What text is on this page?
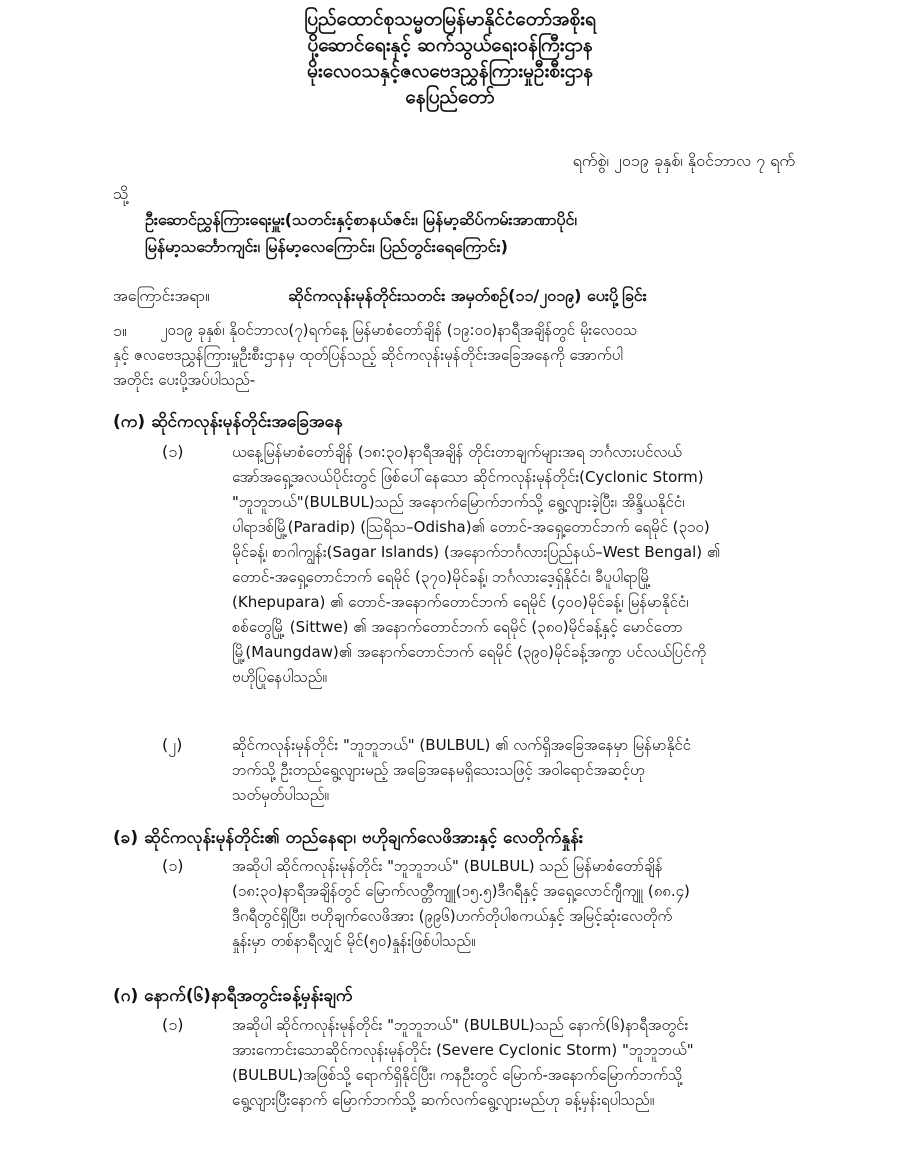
ပြည်ထောင်စုသမ္မတမြန်မာနိုင်ငံတော်အစိုးရ
ပို့ဆောင်ရေးနှင့် ဆက်သွယ်ရေးဝန်ကြီးဌာန
မိုးလေဝသနှင့်ဇလဗေဒညွှန်ကြားမှုဦးစီးဌာန
နေပြည်တော်
ရက်စွဲ၊ ၂၀၁၉ ခုနှစ်၊ နိုဝင်ဘာလ ၇ ရက်
သို့
ဦးဆောင်ညွှန်ကြားရေးမှူး(သတင်းနှင့်စာနယ်ဇင်း၊ မြန်မာ့ဆိပ်ကမ်းအာဏာပိုင်၊
မြန်မာ့သင်္ဘောကျင်း၊ မြန်မာ့လေကြောင်း၊ ပြည်တွင်းရေကြောင်း)
အကြောင်းအရာ။	ဆိုင်ကလုန်းမုန်တိုင်းသတင်း အမှတ်စဉ်(၁၁/၂၀၁၉) ပေးပို့ခြင်း
၁။ ၂၀၁၉ ခုနှစ်၊ နိုဝင်ဘာလ(၇)ရက်နေ့ မြန်မာစံတော်ချိန် (၁၉:၀၀)နာရီအချိန်တွင် မိုးလေဝသ
နှင့် ဇလဗေဒညွှန်ကြားမှုဦးစီးဌာနမှ ထုတ်ပြန်သည့် ဆိုင်ကလုန်းမုန်တိုင်းအခြေအနေကို အောက်ပါ
အတိုင်း ပေးပို့အပ်ပါသည်-
(က) ဆိုင်ကလုန်းမုန်တိုင်းအခြေအနေ
(၁)	ယနေ့မြန်မာစံတော်ချိန် (၁၈:၃၀)နာရီအချိန် တိုင်းတာချက်များအရ ဘင်္ဂလားပင်လယ်
အော်အရှေ့အလယ်ပိုင်းတွင် ဖြစ်ပေါ်နေသော ဆိုင်ကလုန်းမုန်တိုင်း(Cyclonic Storm)
"ဘူဘူဘယ်"(BULBUL)သည် အနောက်မြောက်ဘက်သို့ ရွေ့လျားခဲ့ပြီး၊ အိန္ဒိယနိုင်ငံ၊
ပါရာဒစ်မြို့(Paradip) (သြရိသ–Odisha)၏ တောင်-အရှေ့တောင်ဘက် ရေမိုင် (၃၁၀)
မိုင်ခန့်၊ စာဂါကျွန်း(Sagar Islands) (အနောက်ဘင်္ဂလားပြည်နယ်–West Bengal) ၏
တောင်-အရှေ့တောင်ဘက် ရေမိုင် (၃၇၀)မိုင်ခန့်၊ ဘင်္ဂလားဒေ့ရှ်နိုင်ငံ၊ ခီပူပါရာမြို့
(Khepupara) ၏ တောင်-အနောက်တောင်ဘက် ရေမိုင် (၄၀၀)မိုင်ခန့်၊ မြန်မာနိုင်ငံ၊
စစ်တွေမြို့ (Sittwe) ၏ အနောက်တောင်ဘက် ရေမိုင် (၃၈၀)မိုင်ခန့်နှင့် မောင်တော
မြို့(Maungdaw)၏ အနောက်တောင်ဘက် ရေမိုင် (၃၉၀)မိုင်ခန့်အကွာ ပင်လယ်ပြင်ကို
ဗဟိုပြုနေပါသည်။
(၂)	ဆိုင်ကလုန်းမုန်တိုင်း "ဘူဘူဘယ်" (BULBUL) ၏ လက်ရှိအခြေအနေမှာ မြန်မာနိုင်ငံ
ဘက်သို့ ဦးတည်ရွေ့လျားမည့် အခြေအနေမရှိသေးသဖြင့် အဝါရောင်အဆင့်ဟု
သတ်မှတ်ပါသည်။
(ခ) ဆိုင်ကလုန်းမုန်တိုင်း၏ တည်နေရာ၊ ဗဟိုချက်လေဖိအားနှင့် လေတိုက်နှုန်း
(၁)	အဆိုပါ ဆိုင်ကလုန်းမုန်တိုင်း "ဘူဘူဘယ်" (BULBUL) သည် မြန်မာစံတော်ချိန်
(၁၈:၃၀)နာရီအချိန်တွင် မြောက်လတ္တီကျူ(၁၅.၅)ဒီဂရီနှင့် အရှေ့လောင်ဂျီကျူ (၈၈.၄)
ဒီဂရီတွင်ရှိပြီး၊ ဗဟိုချက်လေဖိအား (၉၉၆)ဟက်တိုပါစကယ်နှင့် အမြင့်ဆုံးလေတိုက်
နှုန်းမှာ တစ်နာရီလျှင် မိုင်(၅၀)နှုန်းဖြစ်ပါသည်။
(ဂ) နောက်(၆)နာရီအတွင်းခန့်မှန်းချက်
(၁)	အဆိုပါ ဆိုင်ကလုန်းမုန်တိုင်း "ဘူဘူဘယ်" (BULBUL)သည် နောက်(၆)နာရီအတွင်း
အားကောင်းသောဆိုင်ကလုန်းမုန်တိုင်း (Severe Cyclonic Storm) "ဘူဘူဘယ်"
(BULBUL)အဖြစ်သို့ ရောက်ရှိနိုင်ပြီး၊ ကနဦးတွင် မြောက်-အနောက်မြောက်ဘက်သို့
ရွေ့လျားပြီးနောက် မြောက်ဘက်သို့ ဆက်လက်ရွေ့လျားမည်ဟု ခန့်မှန်းရပါသည်။
